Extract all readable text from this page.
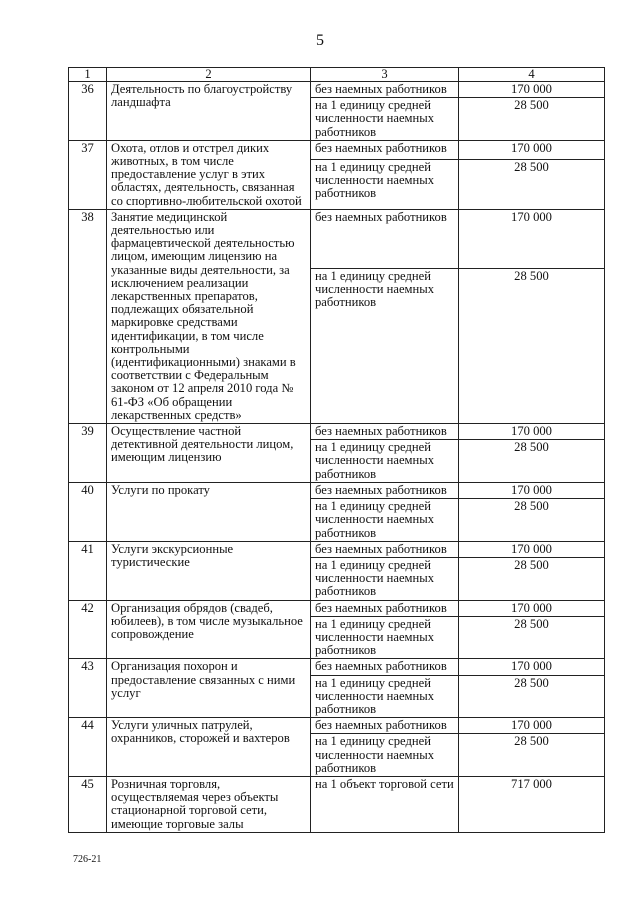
5
1	2	3	4
36	Деятельность по благоустройству ландшафта	без наемных работников	170 000
		на 1 единицу средней численности наемных работников	28 500
37	Охота, отлов и отстрел диких животных, в том числе предоставление услуг в этих областях, деятельность, связанная со спортивно-любительской охотой	без наемных работников	170 000
		на 1 единицу средней численности наемных работников	28 500
38	Занятие медицинской деятельностью или фармацевтической деятельностью лицом, имеющим лицензию на указанные виды деятельности, за исключением реализации лекарственных препаратов, подлежащих обязательной маркировке средствами идентификации, в том числе контрольными (идентификационными) знаками в соответствии с Федеральным законом от 12 апреля 2010 года № 61-ФЗ «Об обращении лекарственных средств»	без наемных работников	170 000
		на 1 единицу средней численности наемных работников	28 500
39	Осуществление частной детективной деятельности лицом, имеющим лицензию	без наемных работников	170 000
		на 1 единицу средней численности наемных работников	28 500
40	Услуги по прокату	без наемных работников	170 000
		на 1 единицу средней численности наемных работников	28 500
41	Услуги экскурсионные туристические	без наемных работников	170 000
		на 1 единицу средней численности наемных работников	28 500
42	Организация обрядов (свадеб, юбилеев), в том числе музыкальное сопровождение	без наемных работников	170 000
		на 1 единицу средней численности наемных работников	28 500
43	Организация похорон и предоставление связанных с ними услуг	без наемных работников	170 000
		на 1 единицу средней численности наемных работников	28 500
44	Услуги уличных патрулей, охранников, сторожей и вахтеров	без наемных работников	170 000
		на 1 единицу средней численности наемных работников	28 500
45	Розничная торговля, осуществляемая через объекты стационарной торговой сети, имеющие торговые залы	на 1 объект торговой сети	717 000
726-21
